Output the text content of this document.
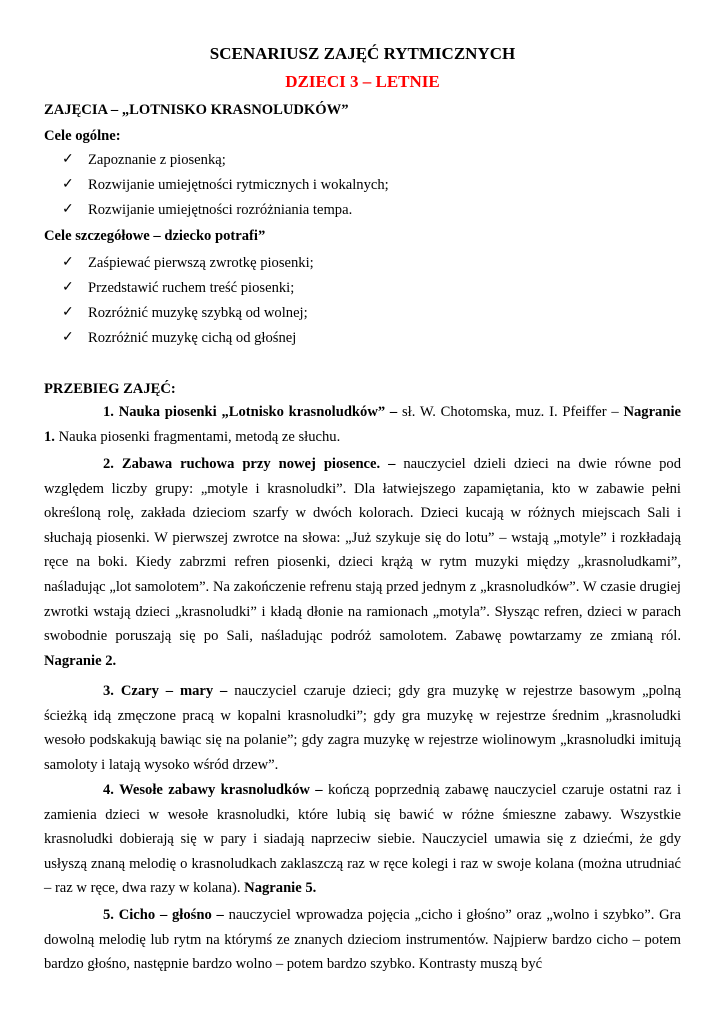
SCENARIUSZ ZAJĘĆ RYTMICZNYCH
DZIECI 3 – LETNIE
ZAJĘCIA – „LOTNISKO KRASNOLUDKÓW”
Cele ogólne:
✓ Zapoznanie z piosenką;
✓ Rozwijanie umiejętności rytmicznych i wokalnych;
✓ Rozwijanie umiejętności rozróżniania tempa.
Cele szczegółowe – dziecko potrafi”
✓ Zaśpiewać pierwszą zwrotkę piosenki;
✓ Przedstawić ruchem treść piosenki;
✓ Rozróżnić muzykę szybką od wolnej;
✓ Rozróżnić muzykę cichą od głośnej
PRZEBIEG ZAJĘĆ:
1. Nauka piosenki „Lotnisko krasnoludków” – sł. W. Chotomska, muz. I. Pfeiffer – Nagranie 1. Nauka piosenki fragmentami, metodą ze słuchu.
2. Zabawa ruchowa przy nowej piosence. – nauczyciel dzieli dzieci na dwie równe pod względem liczby grupy: „motyle i krasnoludki”. Dla łatwiejszego zapamiętania, kto w zabawie pełni określoną rolę, zakłada dzieciom szarfy w dwóch kolorach. Dzieci kucają w różnych miejscach Sali i słuchają piosenki. W pierwszej zwrotce na słowa: „Już szykuje się do lotu” – wstają „motyle” i rozkładają ręce na boki. Kiedy zabrzmi refren piosenki, dzieci krążą w rytm muzyki między „krasnoludkami”, naśladując „lot samolotem”. Na zakończenie refrenu stają przed jednym z „krasnoludków”. W czasie drugiej zwrotki wstają dzieci „krasnoludki” i kładą dłonie na ramionach „motyla”. Słysząc refren, dzieci w parach swobodnie poruszają się po Sali, naśladując podróż samolotem. Zabawę powtarzamy ze zmianą ról. Nagranie 2.
3. Czary – mary – nauczyciel czaruje dzieci; gdy gra muzykę w rejestrze basowym „polną ścieżką idą zmęczone pracą w kopalni krasnoludki”; gdy gra muzykę w rejestrze średnim „krasnoludki wesoło podskakują bawiąc się na polanie”; gdy zagra muzykę w rejestrze wiolinowym „krasnoludki imitują samoloty i latają wysoko wśród drzew”.
4. Wesołe zabawy krasnoludków – kończą poprzednią zabawę nauczyciel czaruje ostatni raz i zamienia dzieci w wesołe krasnoludki, które lubią się bawić w różne śmieszne zabawy. Wszystkie krasnoludki dobierają się w pary i siadają naprzeciw siebie. Nauczyciel umawia się z dziećmi, że gdy usłyszą znaną melodię o krasnoludkach zaklaszczą raz w ręce kolegi i raz w swoje kolana (można utrudniać – raz w ręce, dwa razy w kolana). Nagranie 5.
5. Cicho – głośno – nauczyciel wprowadza pojęcia „cicho i głośno” oraz „wolno i szybko”. Gra dowolną melodię lub rytm na którymś ze znanych dzieciom instrumentów. Najpierw bardzo cicho – potem bardzo głośno, następnie bardzo wolno – potem bardzo szybko. Kontrasty muszą być
